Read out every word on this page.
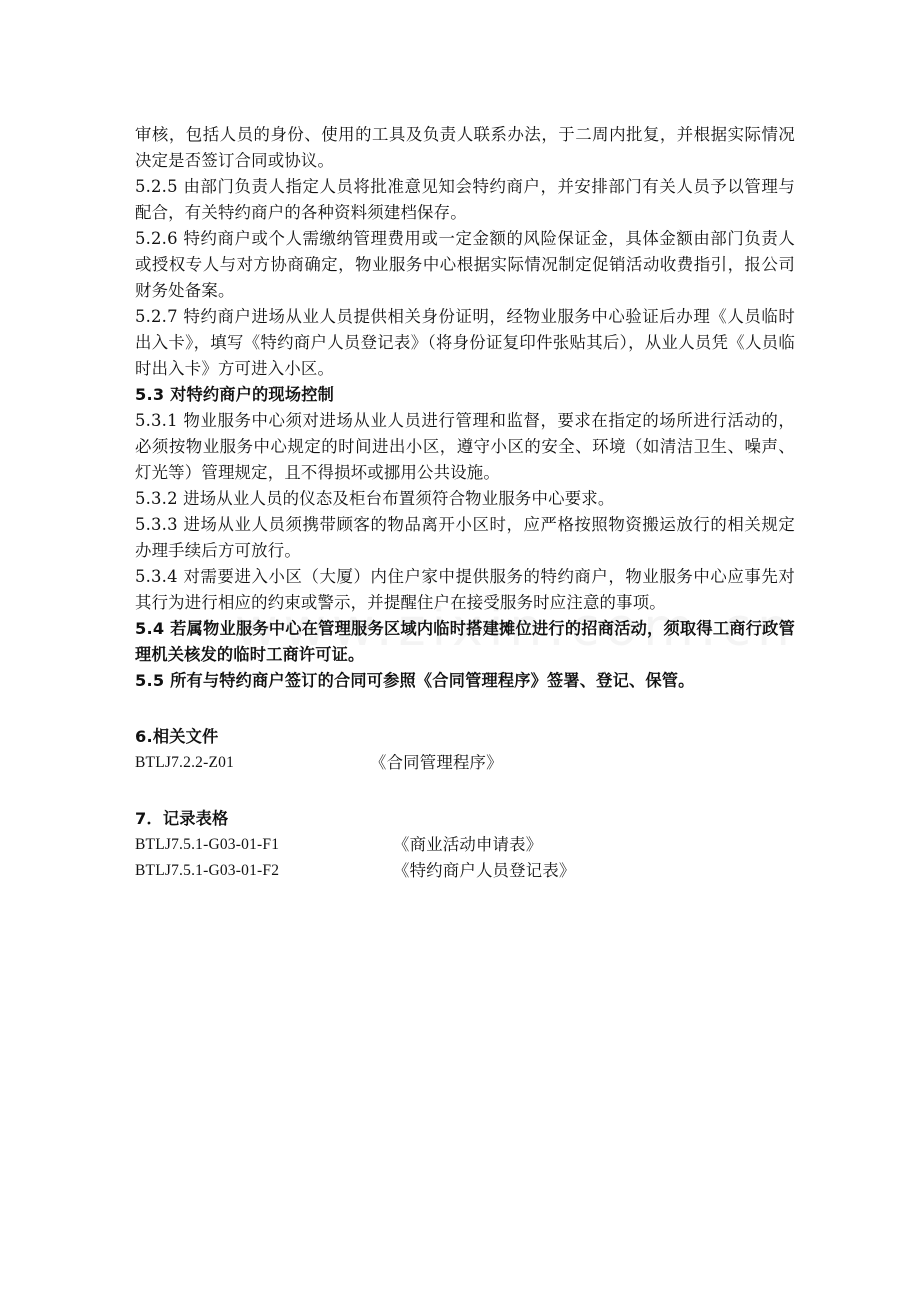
审核，包括人员的身份、使用的工具及负责人联系办法，于二周内批复，并根据实际情况决定是否签订合同或协议。

5.2.5 由部门负责人指定人员将批准意见知会特约商户，并安排部门有关人员予以管理与配合，有关特约商户的各种资料须建档保存。

5.2.6 特约商户或个人需缴纳管理费用或一定金额的风险保证金，具体金额由部门负责人或授权专人与对方协商确定，物业服务中心根据实际情况制定促销活动收费指引，报公司财务处备案。

5.2.7 特约商户进场从业人员提供相关身份证明，经物业服务中心验证后办理《人员临时出入卡》，填写《特约商户人员登记表》（将身份证复印件张贴其后），从业人员凭《人员临时出入卡》方可进入小区。

5.3 对特约商户的现场控制

5.3.1 物业服务中心须对进场从业人员进行管理和监督，要求在指定的场所进行活动的，必须按物业服务中心规定的时间进出小区，遵守小区的安全、环境（如清洁卫生、噪声、灯光等）管理规定，且不得损坏或挪用公共设施。

5.3.2 进场从业人员的仪态及柜台布置须符合物业服务中心要求。

5.3.3 进场从业人员须携带顾客的物品离开小区时，应严格按照物资搬运放行的相关规定办理手续后方可放行。

5.3.4 对需要进入小区（大厦）内住户家中提供服务的特约商户，物业服务中心应事先对其行为进行相应的约束或警示，并提醒住户在接受服务时应注意的事项。

5.4 若属物业服务中心在管理服务区域内临时搭建摊位进行的招商活动，须取得工商行政管理机关核发的临时工商许可证。

5.5 所有与特约商户签订的合同可参照《合同管理程序》签署、登记、保管。

6.相关文件

BTLJ7.2.2-Z01	《合同管理程序》

7．记录表格

BTLJ7.5.1-G03-01-F1	《商业活动申请表》
BTLJ7.5.1-G03-01-F2	《特约商户人员登记表》
